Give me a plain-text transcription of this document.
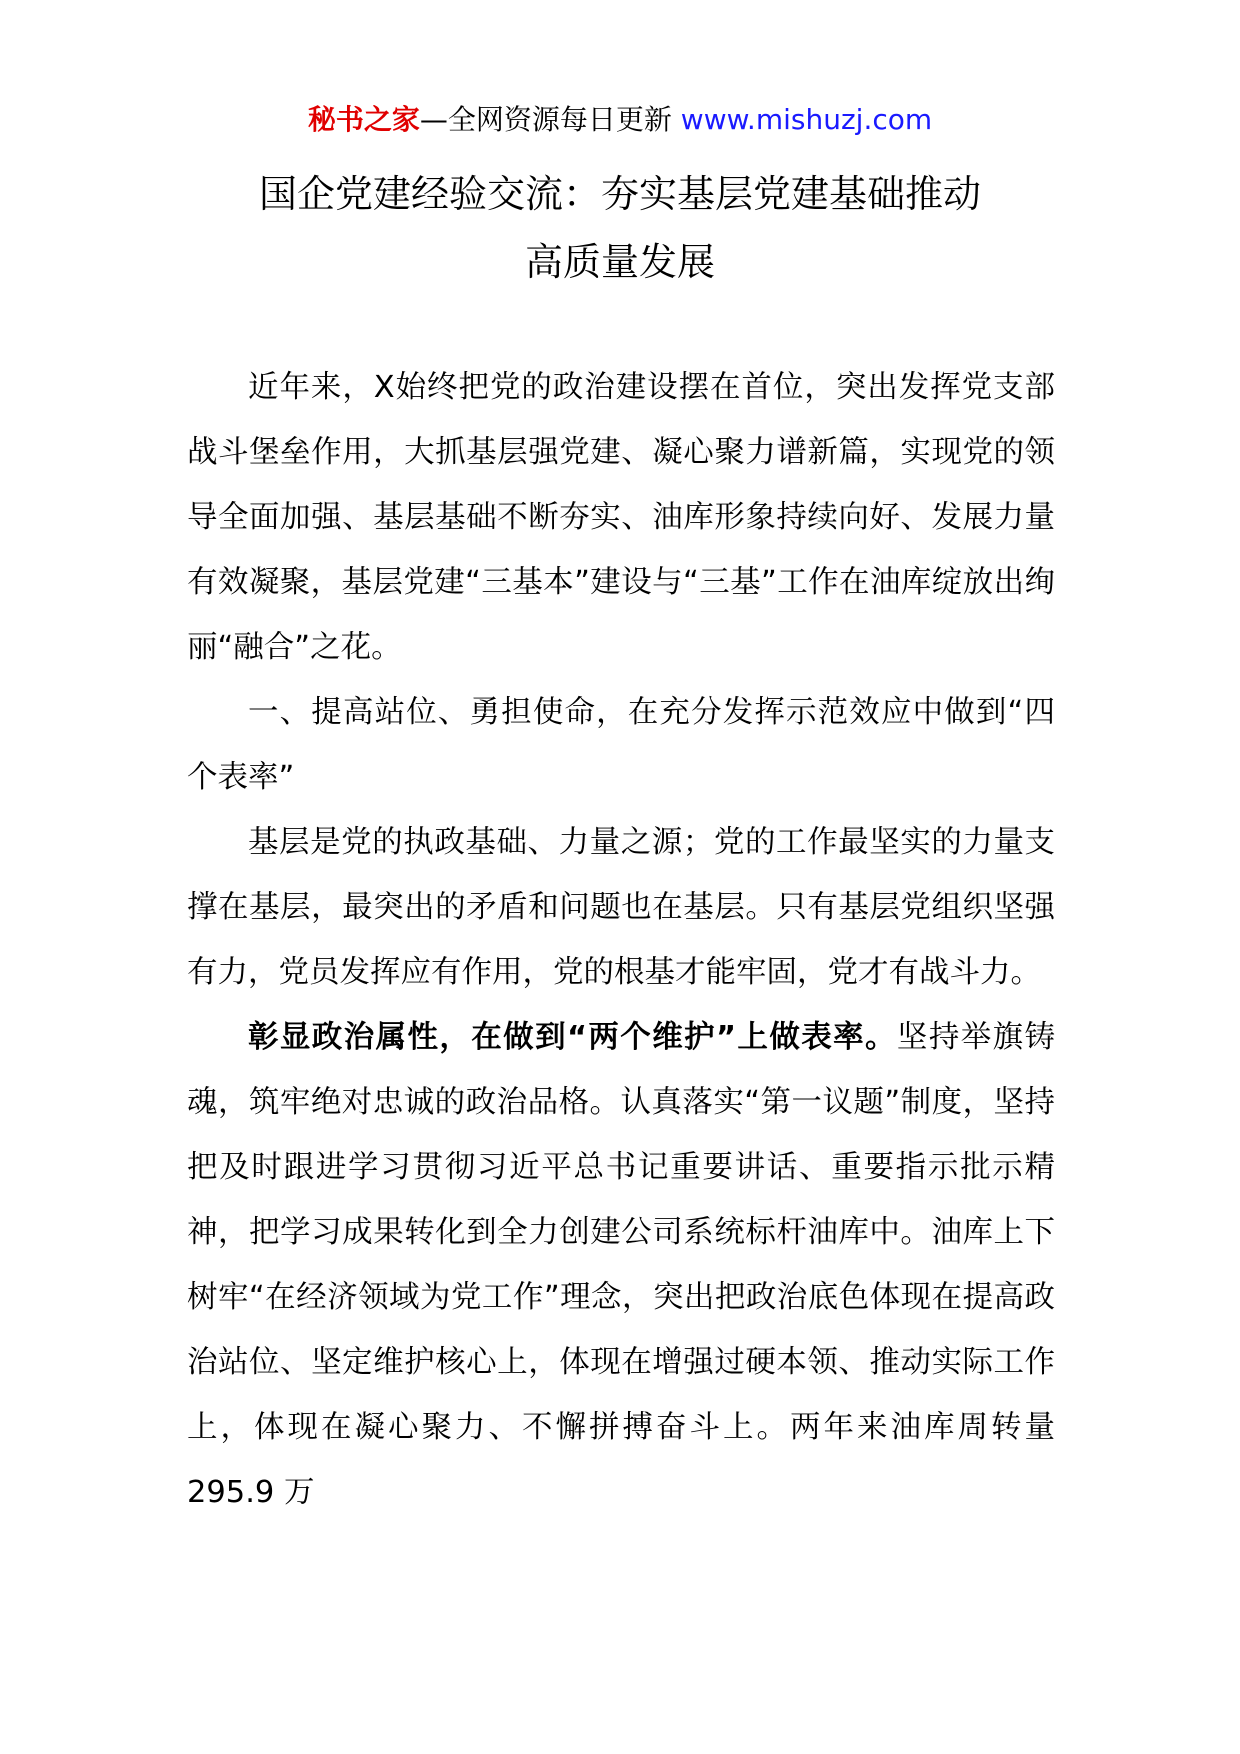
秘书之家—全网资源每日更新 www.mishuzj.com
国企党建经验交流：夯实基层党建基础推动
高质量发展

近年来，X始终把党的政治建设摆在首位，突出发挥党支部战斗堡垒作用，大抓基层强党建、凝心聚力谱新篇，实现党的领导全面加强、基层基础不断夯实、油库形象持续向好、发展力量有效凝聚，基层党建“三基本”建设与“三基”工作在油库绽放出绚丽“融合”之花。

一、提高站位、勇担使命，在充分发挥示范效应中做到“四个表率”

基层是党的执政基础、力量之源；党的工作最坚实的力量支撑在基层，最突出的矛盾和问题也在基层。只有基层党组织坚强有力，党员发挥应有作用，党的根基才能牢固，党才有战斗力。

彰显政治属性，在做到“两个维护”上做表率。坚持举旗铸魂，筑牢绝对忠诚的政治品格。认真落实“第一议题”制度，坚持把及时跟进学习贯彻习近平总书记重要讲话、重要指示批示精神，把学习成果转化到全力创建公司系统标杆油库中。油库上下树牢“在经济领域为党工作”理念，突出把政治底色体现在提高政治站位、坚定维护核心上，体现在增强过硬本领、推动实际工作上，体现在凝心聚力、不懈拼搏奋斗上。两年来油库周转量 295.9 万
